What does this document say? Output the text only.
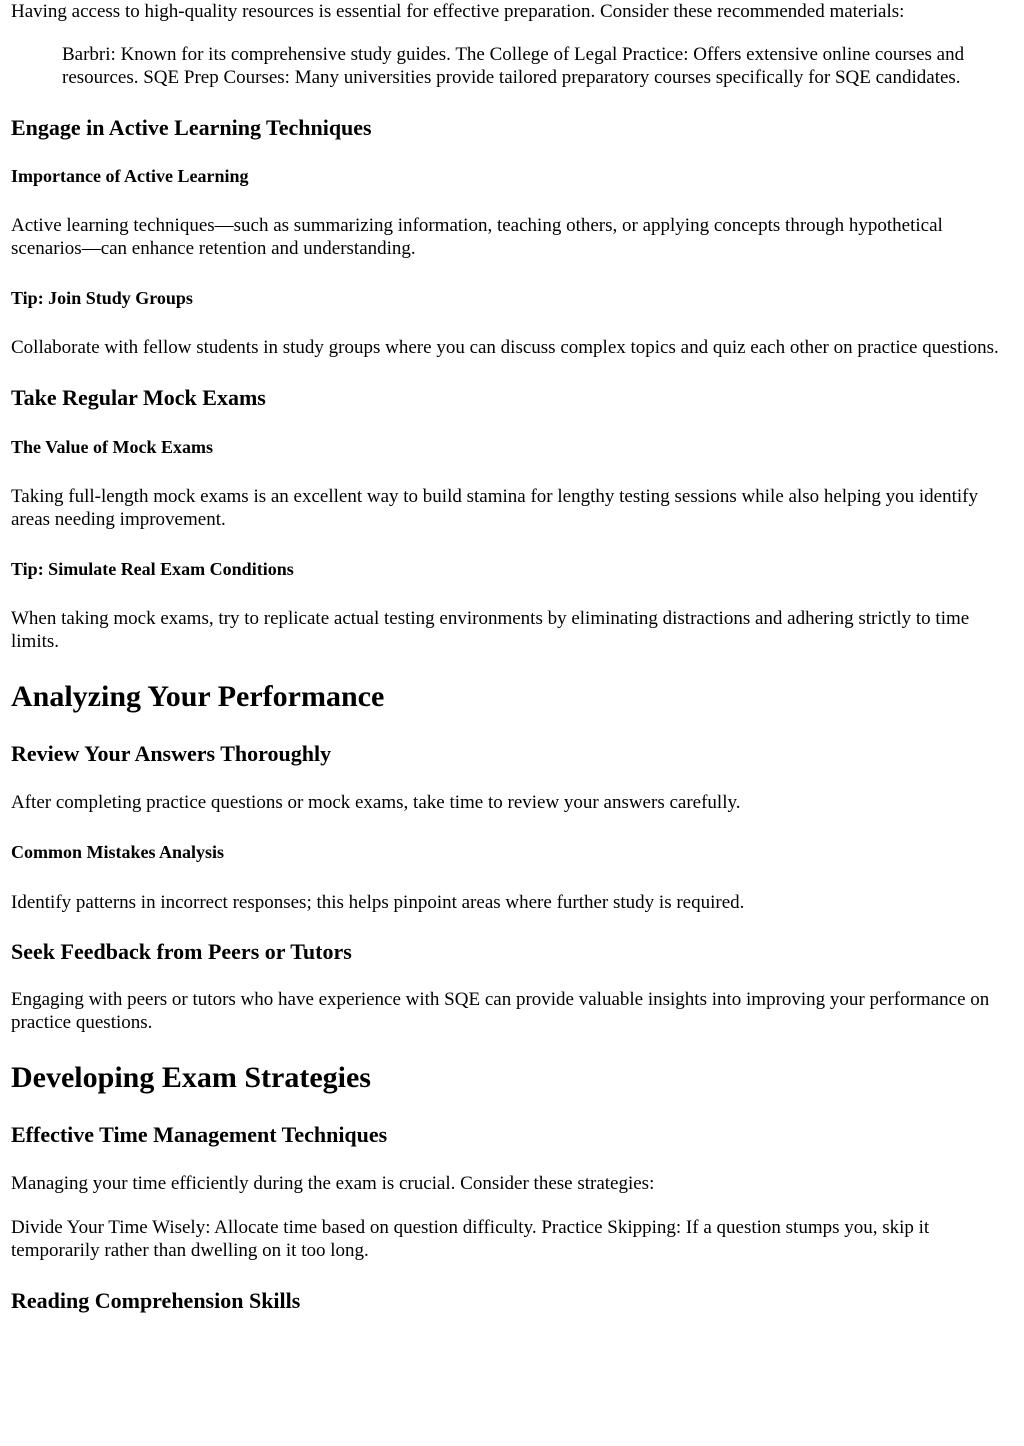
Having access to high-quality resources is essential for effective preparation. Consider these recommended materials:

Barbri: Known for its comprehensive study guides. The College of Legal Practice: Offers extensive online courses and resources. SQE Prep Courses: Many universities provide tailored preparatory courses specifically for SQE candidates.

Engage in Active Learning Techniques
Importance of Active Learning

Active learning techniques—such as summarizing information, teaching others, or applying concepts through hypothetical scenarios—can enhance retention and understanding.

Tip: Join Study Groups

Collaborate with fellow students in study groups where you can discuss complex topics and quiz each other on practice questions.

Take Regular Mock Exams
The Value of Mock Exams

Taking full-length mock exams is an excellent way to build stamina for lengthy testing sessions while also helping you identify areas needing improvement.

Tip: Simulate Real Exam Conditions

When taking mock exams, try to replicate actual testing environments by eliminating distractions and adhering strictly to time limits.

Analyzing Your Performance
Review Your Answers Thoroughly

After completing practice questions or mock exams, take time to review your answers carefully.

Common Mistakes Analysis

Identify patterns in incorrect responses; this helps pinpoint areas where further study is required.

Seek Feedback from Peers or Tutors

Engaging with peers or tutors who have experience with SQE can provide valuable insights into improving your performance on practice questions.

Developing Exam Strategies
Effective Time Management Techniques

Managing your time efficiently during the exam is crucial. Consider these strategies:

Divide Your Time Wisely: Allocate time based on question difficulty. Practice Skipping: If a question stumps you, skip it temporarily rather than dwelling on it too long.

Reading Comprehension Skills
